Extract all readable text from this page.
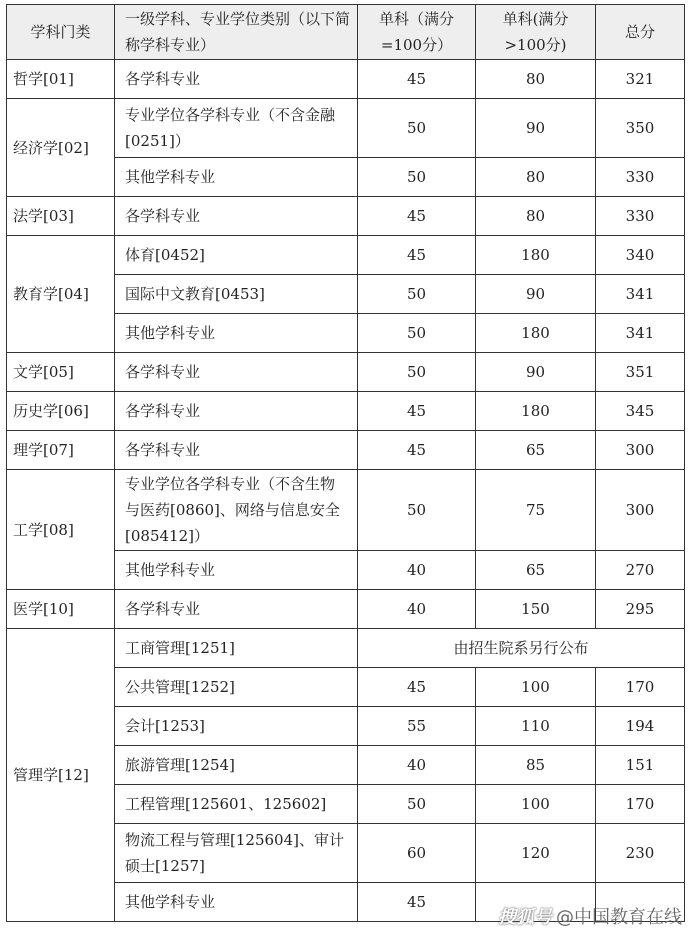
学科门类	一级学科、专业学位类别（以下简称学科专业）	单科（满分=100分）	单科(满分>100分)	总分
哲学[01]	各学科专业	45	80	321
经济学[02]	专业学位各学科专业（不含金融[0251]）	50	90	350
	其他学科专业	50	80	330
法学[03]	各学科专业	45	80	330
教育学[04]	体育[0452]	45	180	340
	国际中文教育[0453]	50	90	341
	其他学科专业	50	180	341
文学[05]	各学科专业	50	90	351
历史学[06]	各学科专业	45	180	345
理学[07]	各学科专业	45	65	300
工学[08]	专业学位各学科专业（不含生物与医药[0860]、网络与信息安全[085412]）	50	75	300
	其他学科专业	40	65	270
医学[10]	各学科专业	40	150	295
管理学[12]	工商管理[1251]	由招生院系另行公布		
	公共管理[1252]	45	100	170
	会计[1253]	55	110	194
	旅游管理[1254]	40	85	151
	工程管理[125601、125602]	50	100	170
	物流工程与管理[125604]、审计硕士[1257]	60	120	230
	其他学科专业	45		
搜狐号 @中国教育在线
